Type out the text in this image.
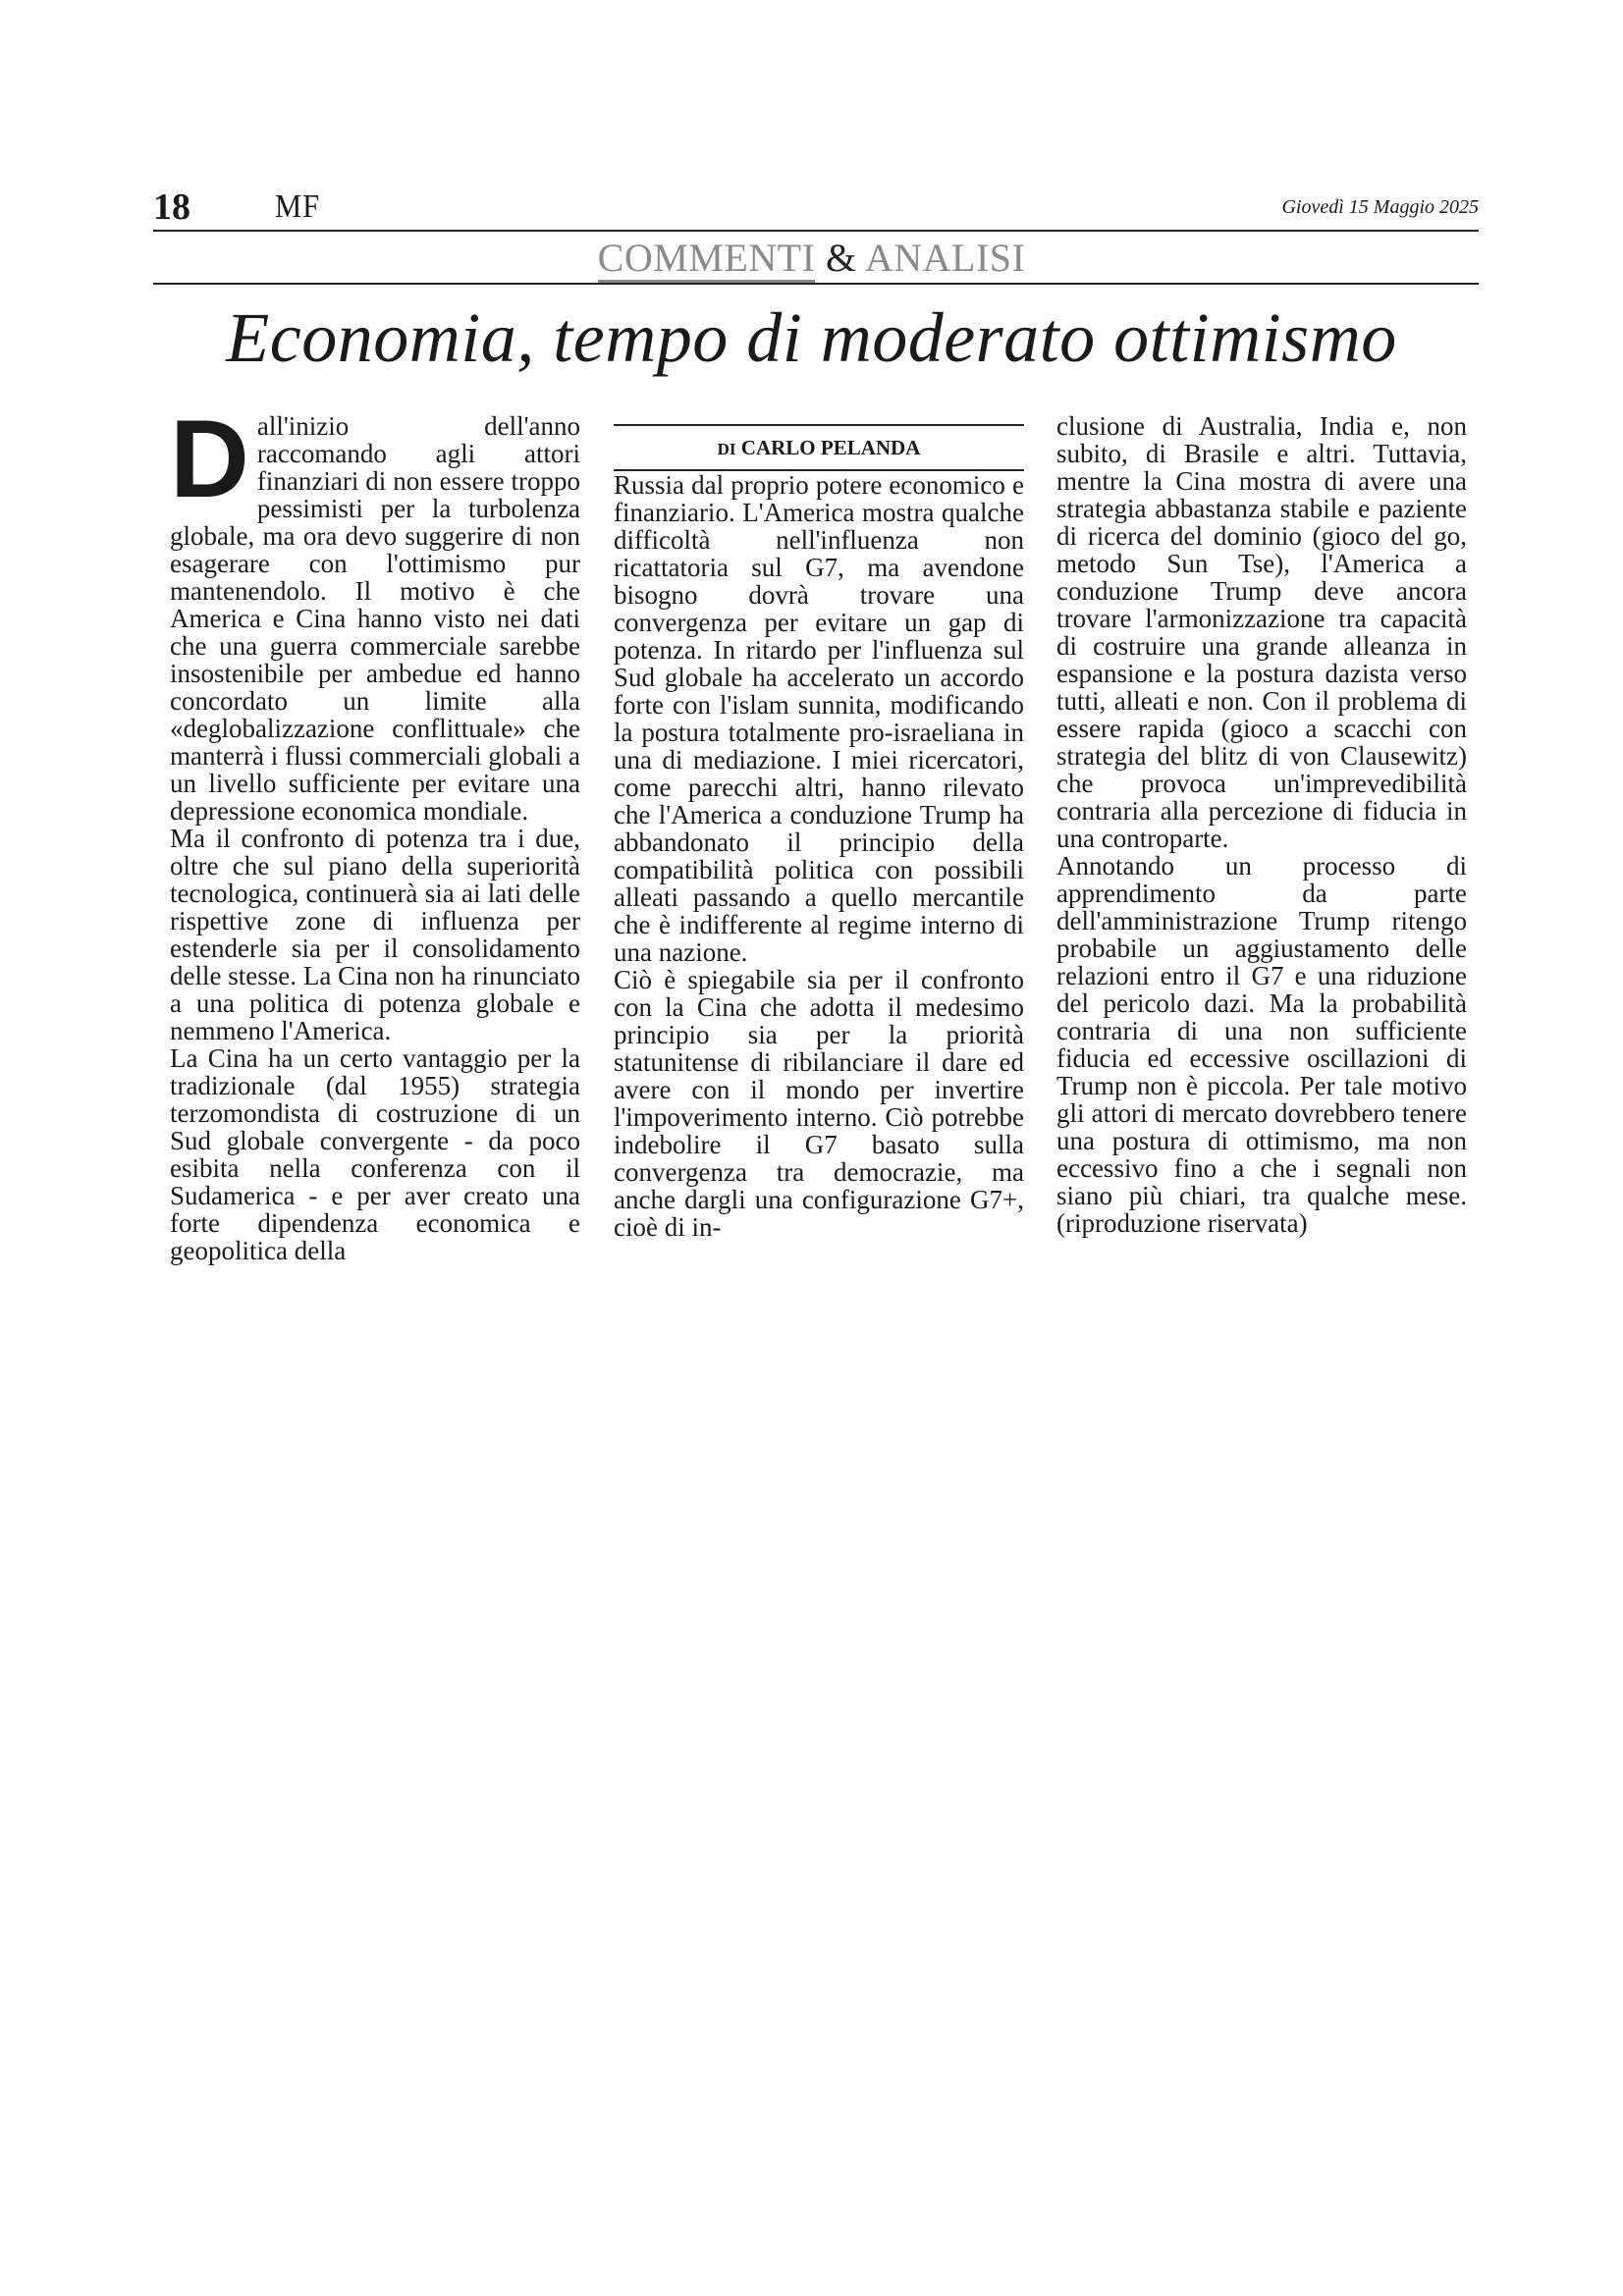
18	MF	Giovedì 15 Maggio 2025
COMMENTI & ANALISI
Economia, tempo di moderato ottimismo
D all'inizio dell'anno raccomando agli attori finanziari di non essere troppo pessimisti per la turbolenza globale, ma ora devo suggerire di non esagerare con l'ottimismo pur mantenendolo. Il motivo è che America e Cina hanno visto nei dati che una guerra commerciale sarebbe insostenibile per ambedue ed hanno concordato un limite alla «deglobalizzazione conflittuale» che manterrà i flussi commerciali globali a un livello sufficiente per evitare una depressione economica mondiale.

Ma il confronto di potenza tra i due, oltre che sul piano della superiorità tecnologica, continuerà sia ai lati delle rispettive zone di influenza per estenderle sia per il consolidamento delle stesse. La Cina non ha rinunciato a una politica di potenza globale e nemmeno l'America.

La Cina ha un certo vantaggio per la tradizionale (dal 1955) strategia terzomondista di costruzione di un Sud globale convergente - da poco esibita nella conferenza con il Sudamerica - e per aver creato una forte dipendenza economica e geopolitica della

DI CARLO PELANDA

Russia dal proprio potere economico e finanziario. L'America mostra qualche difficoltà nell'influenza non ricattatoria sul G7, ma avendone bisogno dovrà trovare una convergenza per evitare un gap di potenza. In ritardo per l'influenza sul Sud globale ha accelerato un accordo forte con l'islam sunnita, modificando la postura totalmente pro-israeliana in una di mediazione. I miei ricercatori, come parecchi altri, hanno rilevato che l'America a conduzione Trump ha abbandonato il principio della compatibilità politica con possibili alleati passando a quello mercantile che è indifferente al regime interno di una nazione.

Ciò è spiegabile sia per il confronto con la Cina che adotta il medesimo principio sia per la priorità statunitense di ribilanciare il dare ed avere con il mondo per invertire l'impoverimento interno. Ciò potrebbe indebolire il G7 basato sulla convergenza tra democrazie, ma anche dargli una configurazione G7+, cioè di in-

clusione di Australia, India e, non subito, di Brasile e altri. Tuttavia, mentre la Cina mostra di avere una strategia abbastanza stabile e paziente di ricerca del dominio (gioco del go, metodo Sun Tse), l'America a conduzione Trump deve ancora trovare l'armonizzazione tra capacità di costruire una grande alleanza in espansione e la postura dazista verso tutti, alleati e non. Con il problema di essere rapida (gioco a scacchi con strategia del blitz di von Clausewitz) che provoca un'imprevedibilità contraria alla percezione di fiducia in una controparte.

Annotando un processo di apprendimento da parte dell'amministrazione Trump ritengo probabile un aggiustamento delle relazioni entro il G7 e una riduzione del pericolo dazi. Ma la probabilità contraria di una non sufficiente fiducia ed eccessive oscillazioni di Trump non è piccola. Per tale motivo gli attori di mercato dovrebbero tenere una postura di ottimismo, ma non eccessivo fino a che i segnali non siano più chiari, tra qualche mese. (riproduzione riservata)
